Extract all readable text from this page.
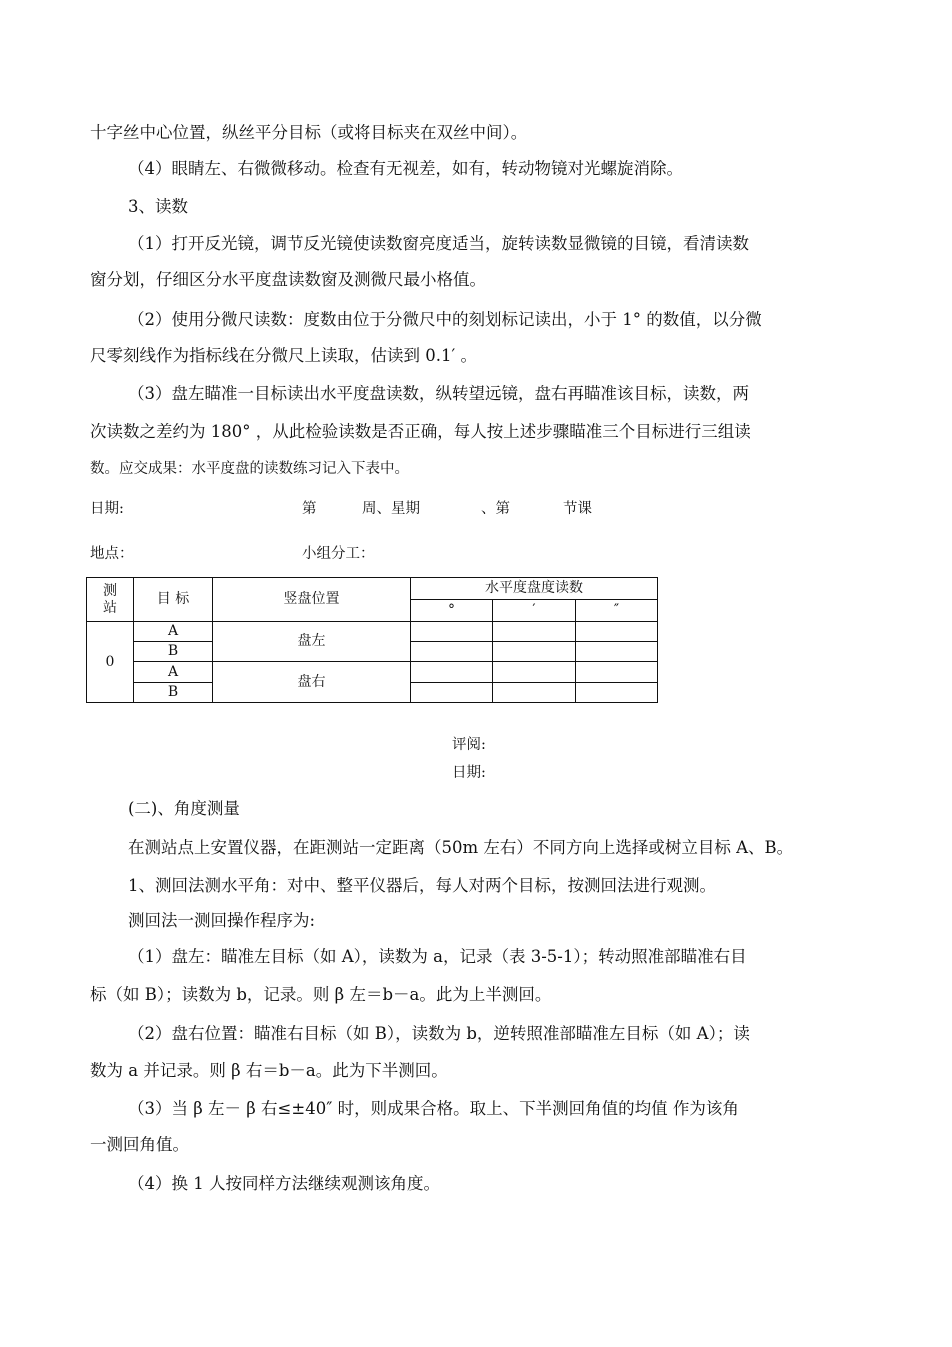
十字丝中心位置，纵丝平分目标（或将目标夹在双丝中间）。
（4）眼睛左、右微微移动。检查有无视差，如有，转动物镜对光螺旋消除。
3、读数
（1）打开反光镜，调节反光镜使读数窗亮度适当，旋转读数显微镜的目镜，看清读数
窗分划，仔细区分水平度盘读数窗及测微尺最小格值。
（2）使用分微尺读数：度数由位于分微尺中的刻划标记读出，小于 1° 的数值，以分微
尺零刻线作为指标线在分微尺上读取，估读到 0.1′ 。
（3）盘左瞄准一目标读出水平度盘读数，纵转望远镜，盘右再瞄准该目标，读数，两
次读数之差约为 180° ，从此检验读数是否正确，每人按上述步骤瞄准三个目标进行三组读
数。应交成果：水平度盘的读数练习记入下表中。
日期:	第	周、星期	、第	节课
地点：	小组分工：
测站	目 标	竖盘位置	水平度盘度读数		
			°	′	″
0	A	盘左			
	B				
	A	盘右			
	B				
评阅:
日期:
(二)、角度测量
在测站点上安置仪器，在距测站一定距离（50m 左右）不同方向上选择或树立目标 A、B。
1、测回法测水平角：对中、整平仪器后，每人对两个目标，按测回法进行观测。
测回法一测回操作程序为:
（1）盘左：瞄准左目标（如 A），读数为 a，记录（表 3-5-1）；转动照准部瞄准右目
标（如 B）；读数为 b，记录。则 β 左＝b－a。此为上半测回。
（2）盘右位置：瞄准右目标（如 B），读数为 b，逆转照准部瞄准左目标（如 A）；读
数为 a 并记录。则 β 右＝b－a。此为下半测回。
（3）当 β 左－ β 右≤±40″ 时，则成果合格。取上、下半测回角值的均值 作为该角
一测回角值。
（4）换 1 人按同样方法继续观测该角度。
